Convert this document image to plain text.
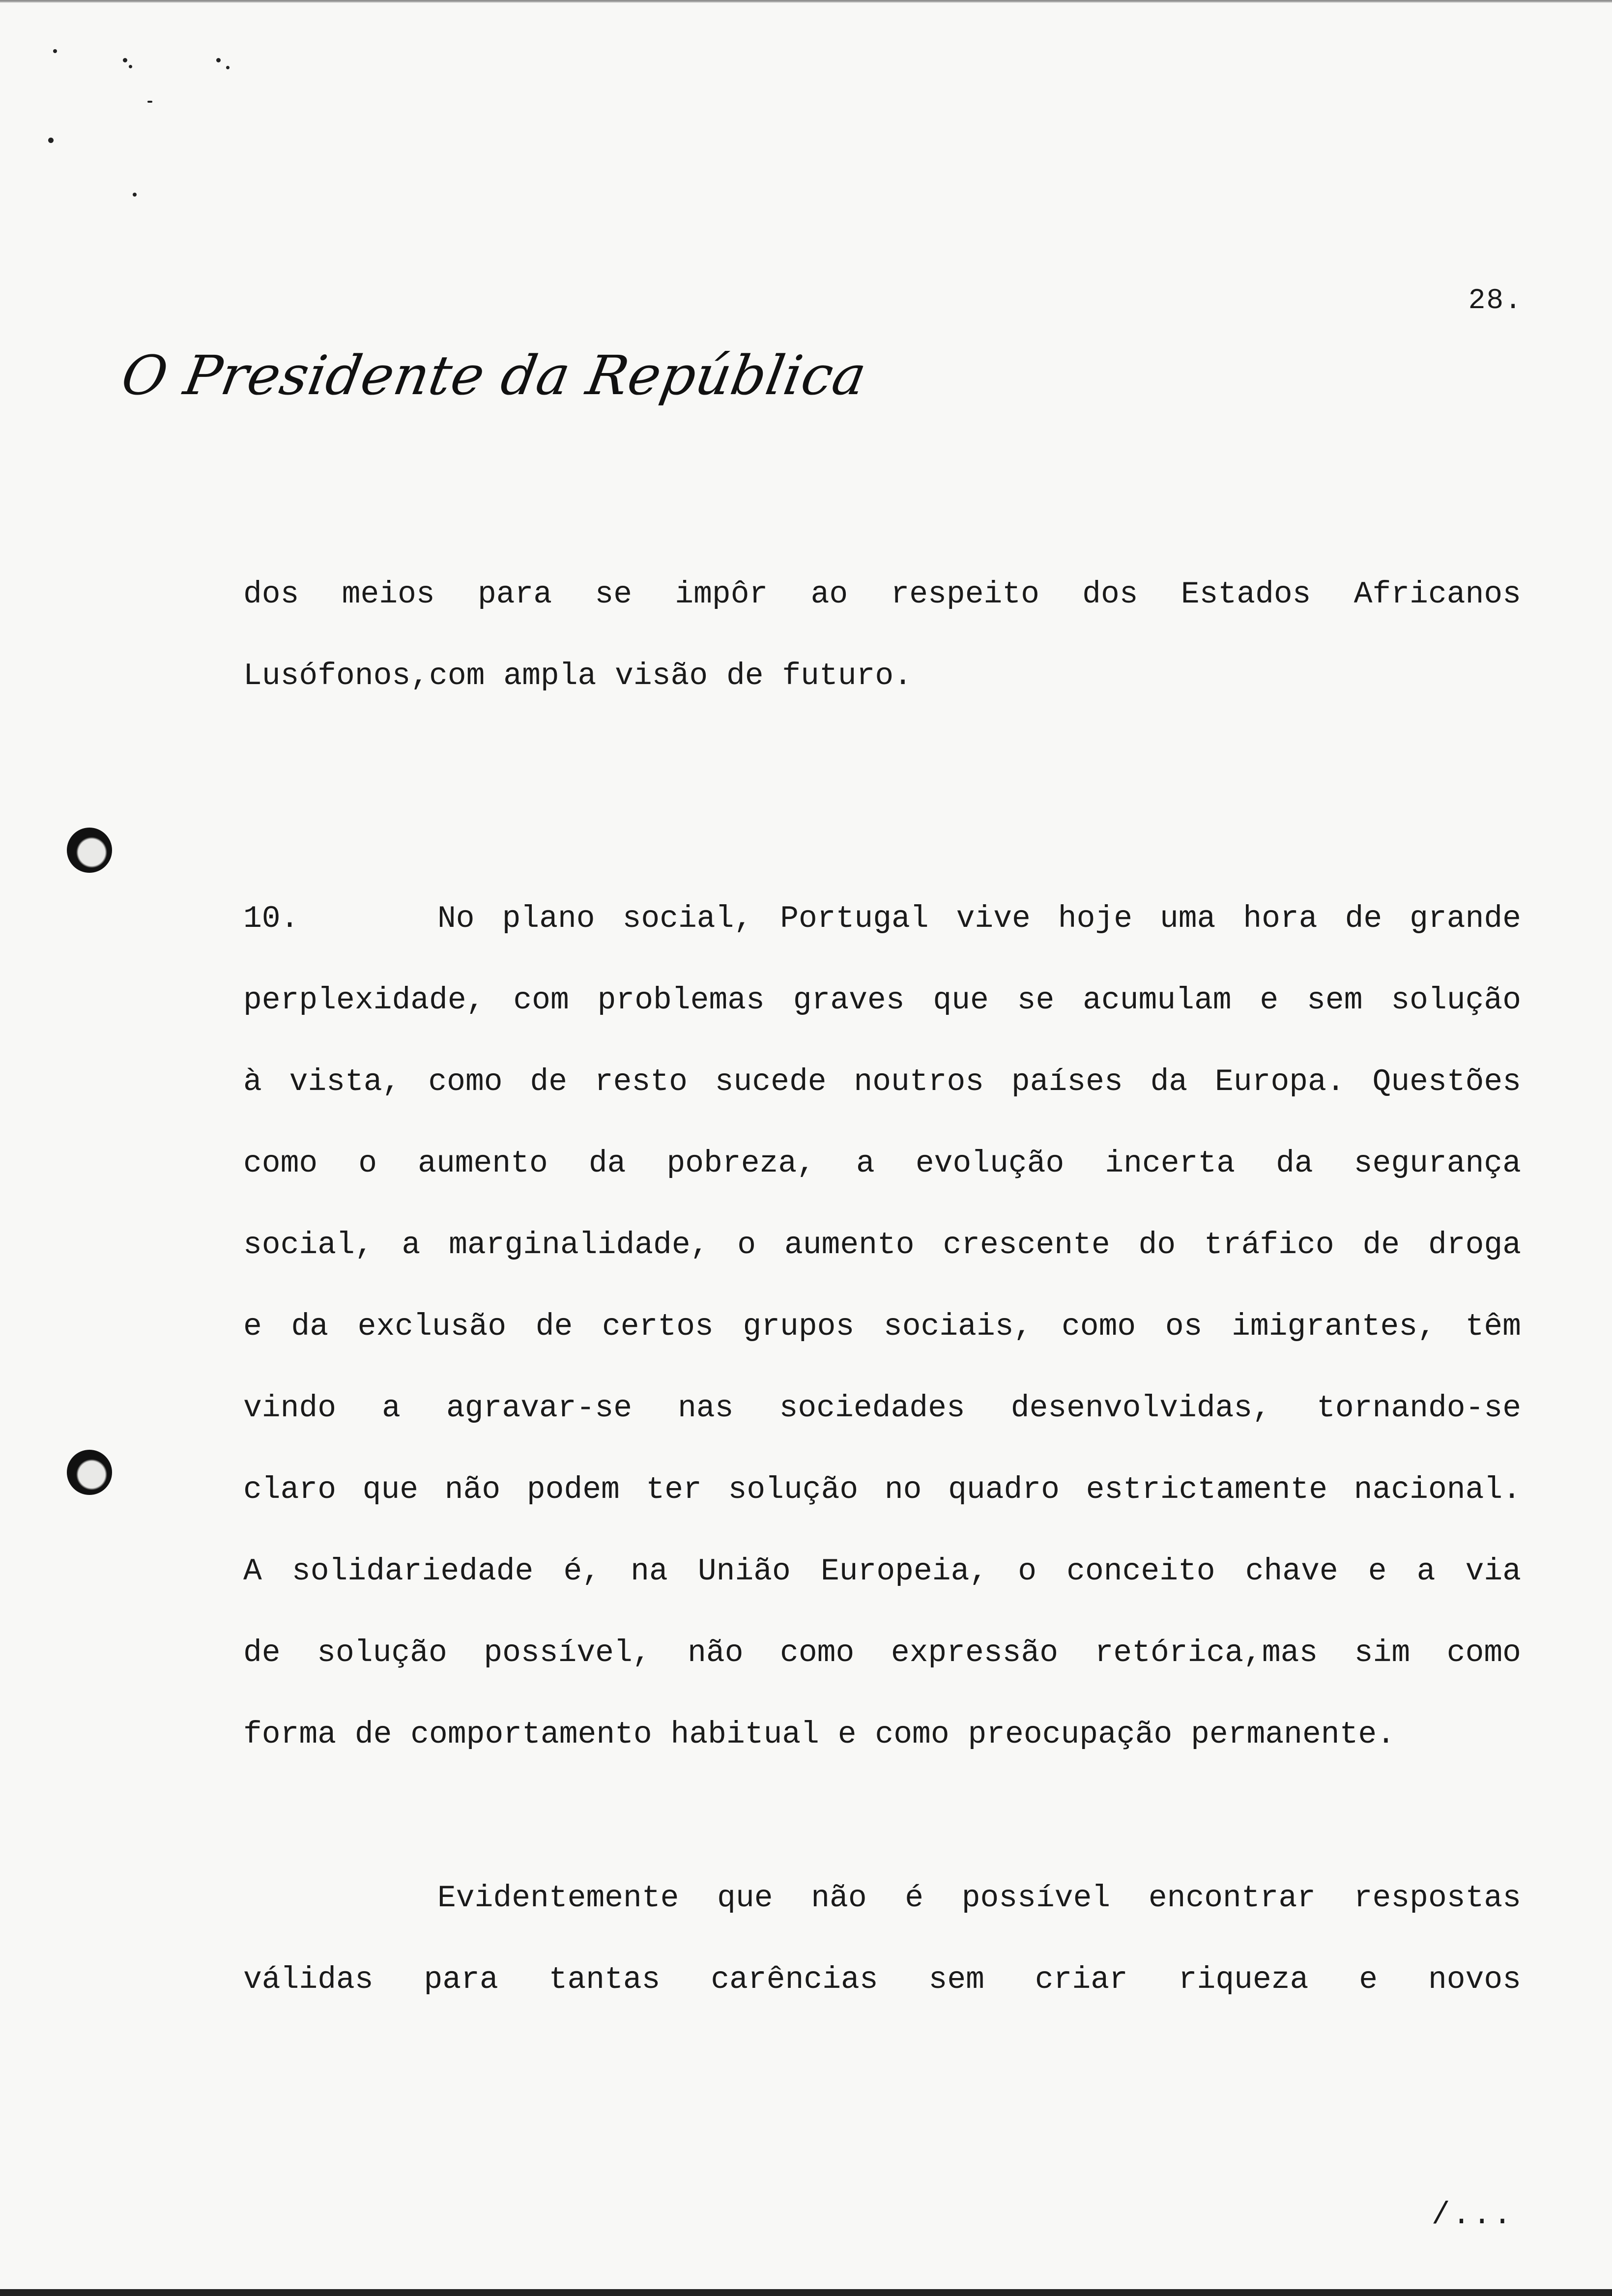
28.
O Presidente da República
dos meios para se impôr ao respeito dos Estados Africanos
Lusófonos,com ampla visão de futuro.
10.	No plano social, Portugal vive hoje uma hora de grande
perplexidade, com problemas graves que se acumulam e sem solução
à vista, como de resto sucede noutros países da Europa. Questões
como o aumento da pobreza, a evolução incerta da segurança
social, a marginalidade, o aumento crescente do tráfico de droga
e da exclusão de certos grupos sociais, como os imigrantes, têm
vindo a agravar-se nas sociedades desenvolvidas, tornando-se
claro que não podem ter solução no quadro estrictamente nacional.
A solidariedade é, na União Europeia, o conceito chave e a via
de solução possível, não como expressão retórica,mas sim como
forma de comportamento habitual e como preocupação permanente.
Evidentemente que não é possível encontrar respostas
válidas para tantas carências sem criar riqueza e novos
/...
